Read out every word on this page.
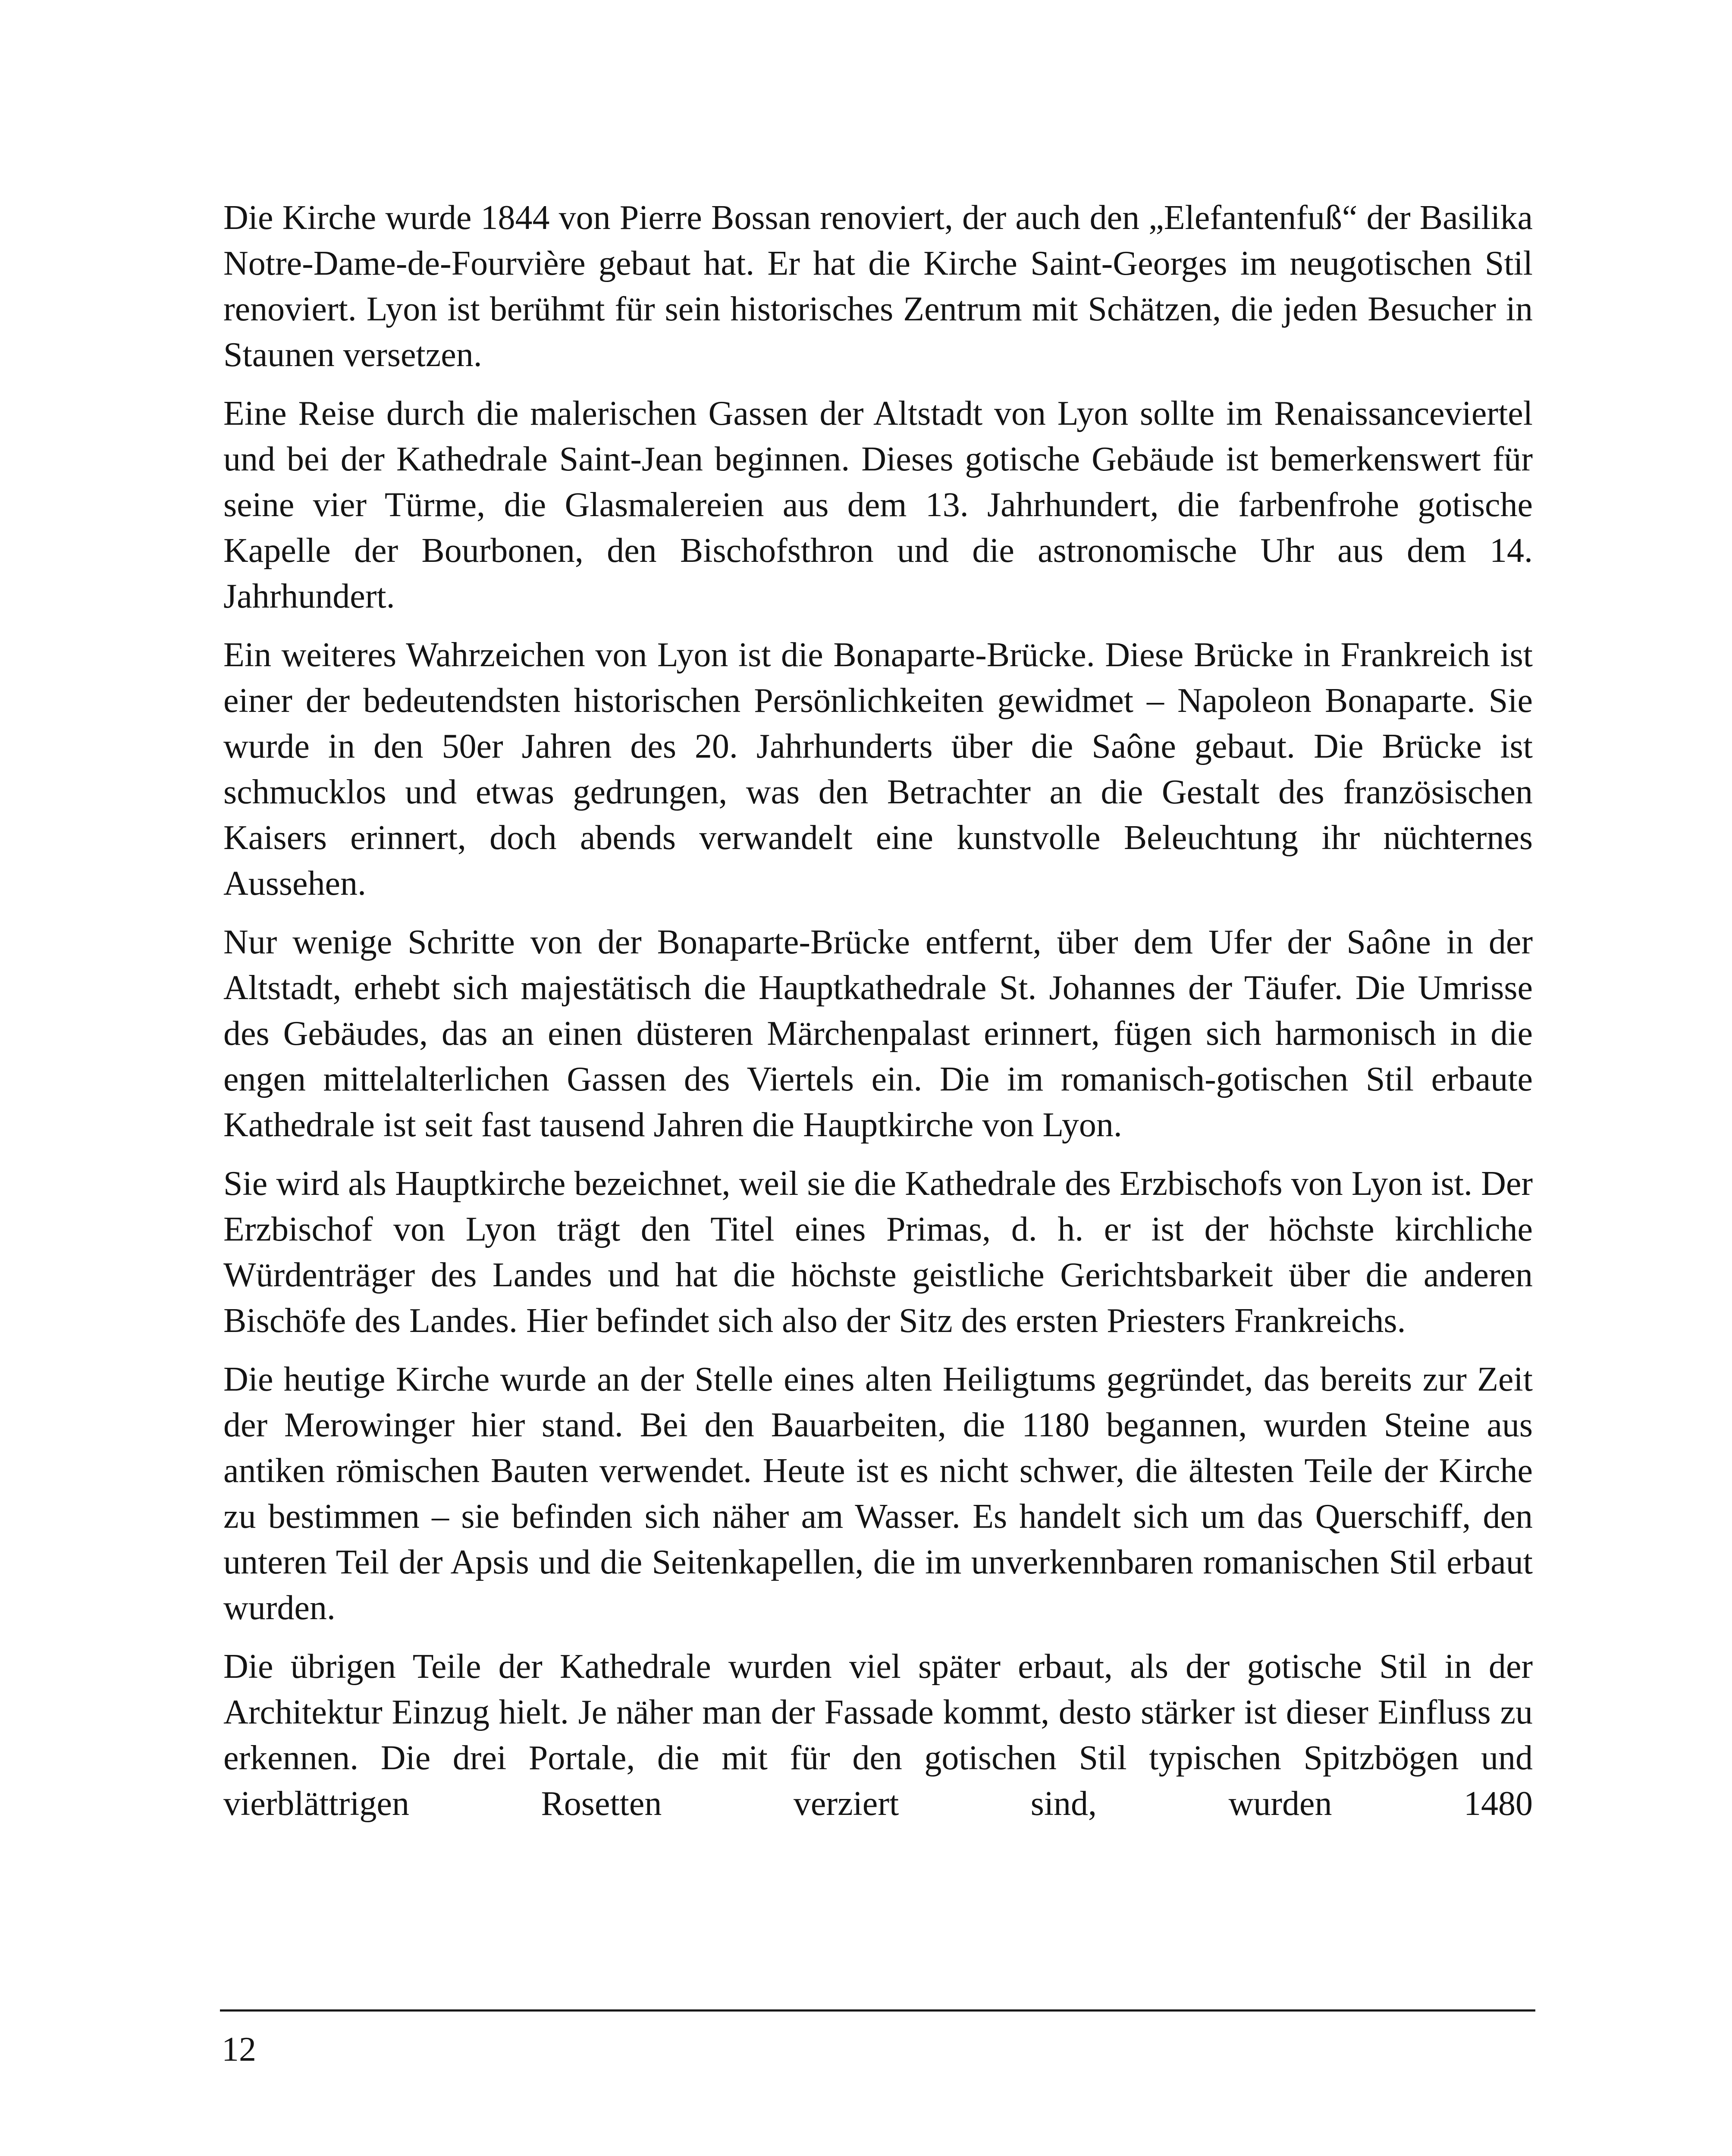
Die Kirche wurde 1844 von Pierre Bossan renoviert, der auch den „Elefantenfuß“ der Basilika Notre-Dame-de-Fourvière gebaut hat. Er hat die Kirche Saint-Georges im neugotischen Stil renoviert. Lyon ist berühmt für sein historisches Zentrum mit Schätzen, die jeden Besucher in Staunen versetzen.

Eine Reise durch die malerischen Gassen der Altstadt von Lyon sollte im Renaissanceviertel und bei der Kathedrale Saint-Jean beginnen. Dieses gotische Gebäude ist bemerkenswert für seine vier Türme, die Glasmalereien aus dem 13. Jahrhundert, die farbenfrohe gotische Kapelle der Bourbonen, den Bischofsthron und die astronomische Uhr aus dem 14. Jahrhundert.

Ein weiteres Wahrzeichen von Lyon ist die Bonaparte-Brücke. Diese Brücke in Frankreich ist einer der bedeutendsten historischen Persönlichkeiten gewidmet – Napoleon Bonaparte. Sie wurde in den 50er Jahren des 20. Jahrhunderts über die Saône gebaut. Die Brücke ist schmucklos und etwas gedrungen, was den Betrachter an die Gestalt des französischen Kaisers erinnert, doch abends verwandelt eine kunstvolle Beleuchtung ihr nüchternes Aussehen.

Nur wenige Schritte von der Bonaparte-Brücke entfernt, über dem Ufer der Saône in der Altstadt, erhebt sich majestätisch die Hauptkathedrale St. Johannes der Täufer. Die Umrisse des Gebäudes, das an einen düsteren Märchenpalast erinnert, fügen sich harmonisch in die engen mittelalterlichen Gassen des Viertels ein. Die im romanisch-gotischen Stil erbaute Kathedrale ist seit fast tausend Jahren die Hauptkirche von Lyon.

Sie wird als Hauptkirche bezeichnet, weil sie die Kathedrale des Erzbischofs von Lyon ist. Der Erzbischof von Lyon trägt den Titel eines Primas, d. h. er ist der höchste kirchliche Würdenträger des Landes und hat die höchste geistliche Gerichtsbarkeit über die anderen Bischöfe des Landes. Hier befindet sich also der Sitz des ersten Priesters Frankreichs.

Die heutige Kirche wurde an der Stelle eines alten Heiligtums gegründet, das bereits zur Zeit der Merowinger hier stand. Bei den Bauarbeiten, die 1180 begannen, wurden Steine aus antiken römischen Bauten verwendet. Heute ist es nicht schwer, die ältesten Teile der Kirche zu bestimmen – sie befinden sich näher am Wasser. Es handelt sich um das Querschiff, den unteren Teil der Apsis und die Seitenkapellen, die im unverkennbaren romanischen Stil erbaut wurden.

Die übrigen Teile der Kathedrale wurden viel später erbaut, als der gotische Stil in der Architektur Einzug hielt. Je näher man der Fassade kommt, desto stärker ist dieser Einfluss zu erkennen. Die drei Portale, die mit für den gotischen Stil typischen Spitzbögen und vierblättrigen Rosetten verziert sind, wurden 1480

12
